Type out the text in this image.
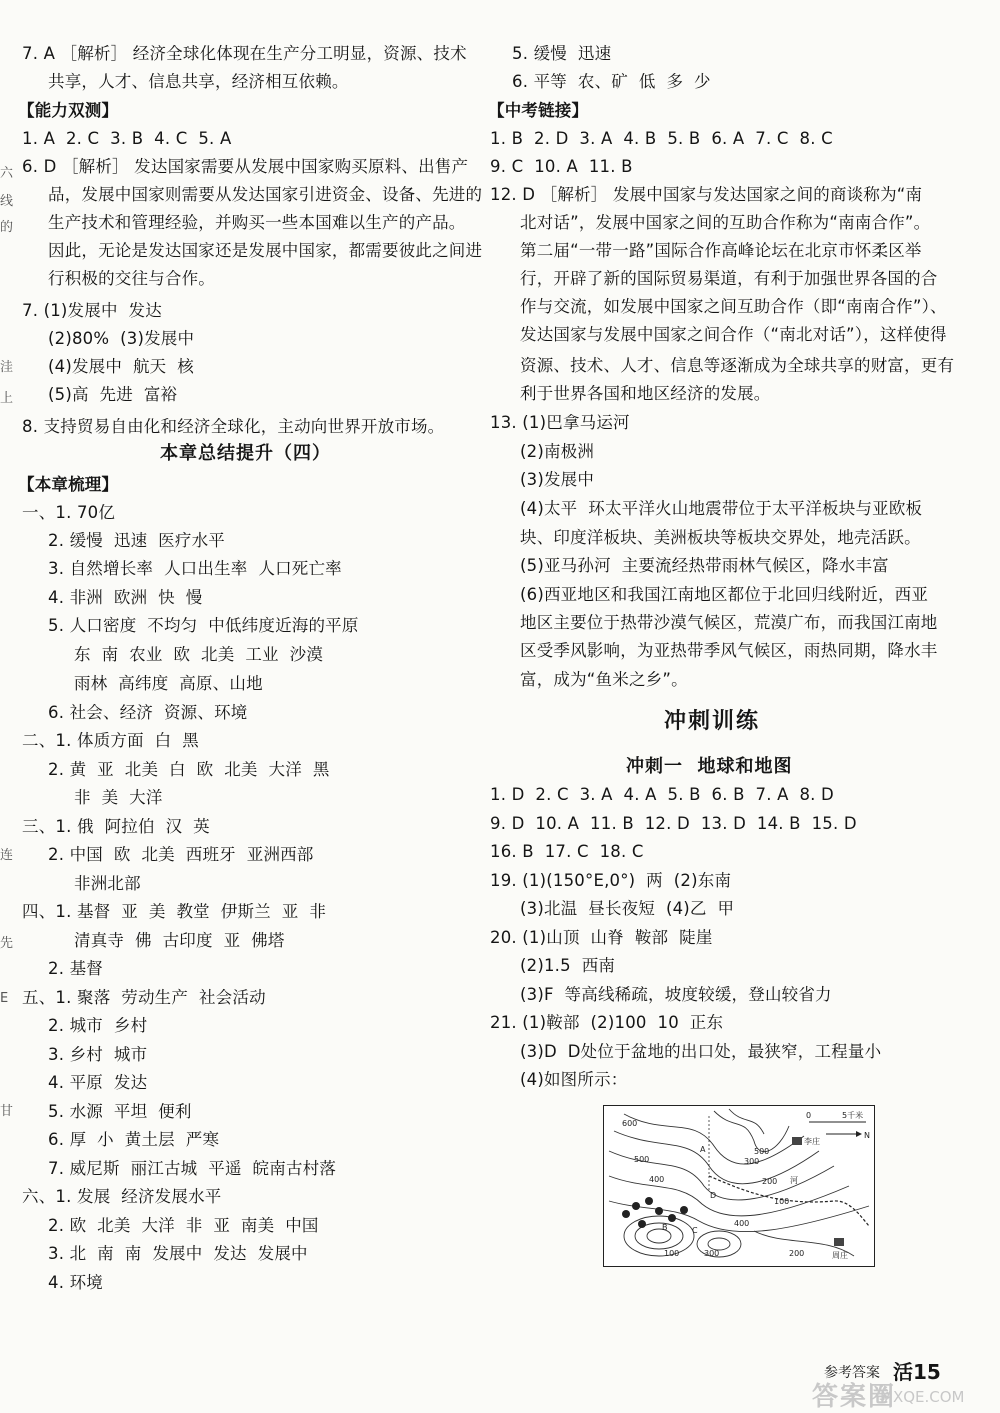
六
线
的
洼
上
连
先
E
甘
7. A ［解析］ 经济全球化体现在生产分工明显，资源、技术
共享，人才、信息共享，经济相互依赖。
【能力双测】
1. A  2. C  3. B  4. C  5. A
6. D ［解析］ 发达国家需要从发展中国家购买原料、出售产
品，发展中国家则需要从发达国家引进资金、设备、先进的
生产技术和管理经验，并购买一些本国难以生产的产品。
因此，无论是发达国家还是发展中国家，都需要彼此之间进
行积极的交往与合作。
7. (1)发展中  发达
(2)80%  (3)发展中
(4)发展中  航天  核
(5)高  先进  富裕
8. 支持贸易自由化和经济全球化，主动向世界开放市场。
本章总结提升（四）
【本章梳理】
一、1. 70亿
2. 缓慢  迅速  医疗水平
3. 自然增长率  人口出生率  人口死亡率
4. 非洲  欧洲  快  慢
5. 人口密度  不均匀  中低纬度近海的平原
东  南  农业  欧  北美  工业  沙漠
雨林  高纬度  高原、山地
6. 社会、经济  资源、环境
二、1. 体质方面  白  黑
2. 黄  亚  北美  白  欧  北美  大洋  黑
非  美  大洋
三、1. 俄  阿拉伯  汉  英
2. 中国  欧  北美  西班牙  亚洲西部
非洲北部
四、1. 基督  亚  美  教堂  伊斯兰  亚  非
清真寺  佛  古印度  亚  佛塔
2. 基督
五、1. 聚落  劳动生产  社会活动
2. 城市  乡村
3. 乡村  城市
4. 平原  发达
5. 水源  平坦  便利
6. 厚  小  黄土层  严寒
7. 威尼斯  丽江古城  平遥  皖南古村落
六、1. 发展  经济发展水平
2. 欧  北美  大洋  非  亚  南美  中国
3. 北  南  南  发展中  发达  发展中
4. 环境
5. 缓慢  迅速
6. 平等  农、矿  低  多  少
【中考链接】
1. B  2. D  3. A  4. B  5. B  6. A  7. C  8. C
9. C  10. A  11. B
12. D ［解析］ 发展中国家与发达国家之间的商谈称为“南
北对话”，发展中国家之间的互助合作称为“南南合作”。
第二届“一带一路”国际合作高峰论坛在北京市怀柔区举
行，开辟了新的国际贸易渠道，有利于加强世界各国的合
作与交流，如发展中国家之间互助合作（即“南南合作”）、
发达国家与发展中国家之间合作（“南北对话”），这样使得
资源、技术、人才、信息等逐渐成为全球共享的财富，更有
利于世界各国和地区经济的发展。
13. (1)巴拿马运河
(2)南极洲
(3)发展中
(4)太平  环太平洋火山地震带位于太平洋板块与亚欧板
块、印度洋板块、美洲板块等板块交界处，地壳活跃。
(5)亚马孙河  主要流经热带雨林气候区，降水丰富
(6)西亚地区和我国江南地区都位于北回归线附近，西亚
地区主要位于热带沙漠气候区，荒漠广布，而我国江南地
区受季风影响，为亚热带季风气候区，雨热同期，降水丰
富，成为“鱼米之乡”。
冲刺训练
冲刺一  地球和地图
1. D  2. C  3. A  4. A  5. B  6. B  7. A  8. D
9. D  10. A  11. B  12. D  13. D  14. B  15. D
16. B  17. C  18. C
19. (1)(150°E,0°)  两  (2)东南
(3)北温  昼长夜短  (4)乙  甲
20. (1)山顶  山脊  鞍部  陡崖
(2)1.5  西南
(3)F  等高线稀疏，坡度较缓，登山较省力
21. (1)鞍部  (2)100  10  正东
(3)D  D处位于盆地的出口处，最狭窄，工程量小
(4)如图所示：
600
500
400
300
200
100
500
400
300	200
100
0	5千米
N
李庄
周庄
A
B	C
D
河
参考答案 活15
答案圈
MXQE.COM
